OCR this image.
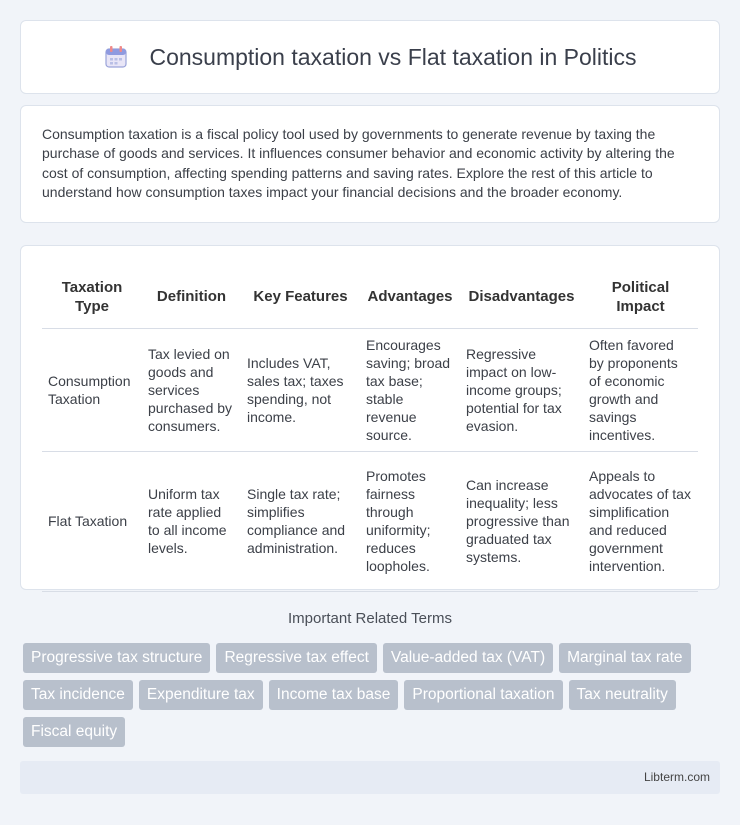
Consumption taxation vs Flat taxation in Politics

Consumption taxation is a fiscal policy tool used by governments to generate revenue by taxing the purchase of goods and services. It influences consumer behavior and economic activity by altering the cost of consumption, affecting spending patterns and saving rates. Explore the rest of this article to understand how consumption taxes impact your financial decisions and the broader economy.

Taxation Type	Definition	Key Features	Advantages	Disadvantages	Political Impact
Consumption Taxation	Tax levied on goods and services purchased by consumers.	Includes VAT, sales tax; taxes spending, not income.	Encourages saving; broad tax base; stable revenue source.	Regressive impact on low-income groups; potential for tax evasion.	Often favored by proponents of economic growth and savings incentives.
Flat Taxation	Uniform tax rate applied to all income levels.	Single tax rate; simplifies compliance and administration.	Promotes fairness through uniformity; reduces loopholes.	Can increase inequality; less progressive than graduated tax systems.	Appeals to advocates of tax simplification and reduced government intervention.
Important Related Terms
Progressive tax structure	Regressive tax effect	Value-added tax (VAT)	Marginal tax rate
Tax incidence	Expenditure tax	Income tax base	Proportional taxation	Tax neutrality
Fiscal equity
Libterm.com
